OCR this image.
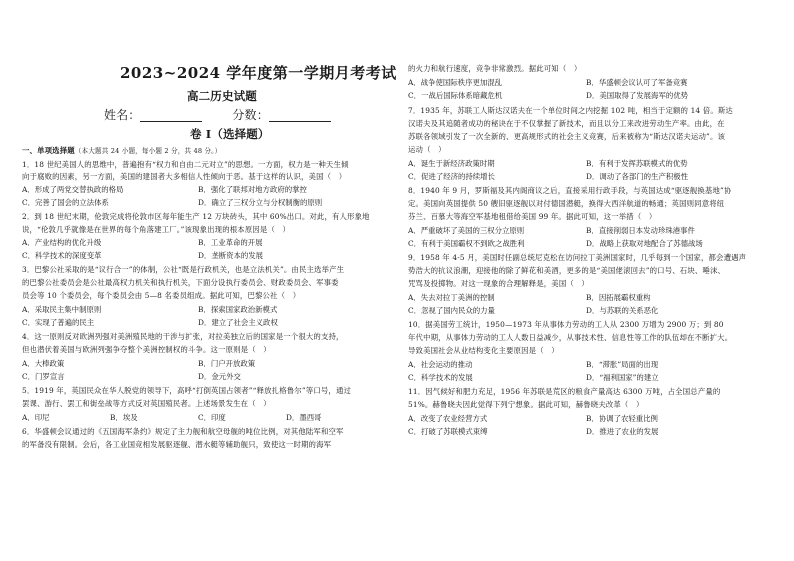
2023~2024 学年度第一学期月考考试
高二历史试题
姓名：	分数：
卷 I（选择题）
一、单项选择题（本大题共 24 小题，每小题 2 分，共 48 分。）
1．18 世纪美国人的思维中，普遍抱有“权力和自由二元对立”的思想。一方面，权力是一种天生倾
向于腐败的因素，另一方面，美国的建国者大多相信人性倾向于恶。基于这样的认识，美国（　）
A．形成了两党交替执政的格局	B．强化了联邦对地方政府的掌控
C．完善了国会的立法体系	D．确立了三权分立与分权制衡的原则
2．到 18 世纪末期，伦敦完成将伦敦市区每年能生产 12 万块砖头，其中 60%出口。对此，有人形象地
说，“伦敦几乎就像是在世界的每个角落建工厂。”该现象出现的根本原因是（　）
A．产业结构的优化升级	B．工业革命的开展
C．科学技术的深度变革	D．垄断资本的发展
3．巴黎公社采取的是“议行合一”的体制，公社“既是行政机关，也是立法机关”。由民主选举产生
的巴黎公社委员会是公社最高权力机关和执行机关，下面分设执行委员会、财政委员会、军事委
员会等 10 个委员会，每个委员会由 5—8 名委员组成。据此可知，巴黎公社（　）
A．采取民主集中制原则	B．探索国家政治新模式
C．实现了普遍的民主	D．建立了社会主义政权
4．这一原则反对欧洲列强对美洲殖民地的干涉与扩张，对拉美独立后的国家是一个很大的支持，
但也潜伏着美国与欧洲列强争夺整个美洲控制权的斗争。这一原则是（　）
A．大棒政策	B．门户开放政策
C．门罗宣言	D．金元外交
5．1919 年，英国民众在华人脱党的领导下，高呼“打倒英国占领者”“释放扎格鲁尔”等口号，通过
罢课、游行、罢工和街垒战等方式反对英国殖民者。上述场景发生在（　）
A．印尼	B．埃及	C．印度	D．墨西哥
6．华盛顿会议通过的《五国海军条约》规定了主力舰和航空母舰的吨位比例，对其他陆军和空军
的军备没有限制。会后，各工业国竞相发展驱逐舰、潜水艇等辅助舰只，致使这一时期的海军
的火力和航行速度，竞争非常激烈。据此可知（　）
A．战争使国际秩序更加混乱	B．华盛顿会议认可了军备竞赛
C．一战后国际体系暗藏危机	D．美国取得了发展海军的优势
7．1935 年，苏联工人斯达汉诺夫在一个单位时间之内挖掘 102 吨，相当于定额的 14 倍。斯达
汉诺夫及其追随者成功的秘诀在于不仅掌握了新技术，而且以分工来改进劳动生产率。由此，在
苏联各领域引发了一次全新的、更高规形式的社会主义竞赛，后来被称为“斯达汉诺夫运动”。该
运动（　）
A．诞生于新经济政策时期	B．有利于发挥苏联模式的优势
C．促进了经济的持续增长	D．调动了各部门的生产积极性
8．1940 年 9 月，罗斯福及其内阁商议之后，直接采用行政手段，与英国达成“驱逐舰换基地”协
定。美国向英国提供 50 艘旧驱逐舰以对付德国潜艇，换得大西洋航道的畅通；英国则同意将纽
芬兰、百慕大等海空军基地租借给美国 99 年。据此可知，这一举措（　）
A．严重破坏了美国的三权分立原则	B．直接削弱日本发动珍珠港事件
C．有利于美国霸权不到欧之战胜利	D．战略上获取对地配合了苏德战场
9．1958 年 4-5 月，美国时任副总统尼克松在访问拉丁美洲国家时，几乎每到一个国家，都会遭遇声
势浩大的抗议浪潮，迎接他的除了鲜花和美酒，更多的是“美国佬滚回去”的口号、石块、唾沫、
咒骂及投掷物。对这一现象的合理解释是，美国（　）
A．失去对拉丁美洲的控制	B．因拓展霸权重构
C．忽视了国内民众的力量	D．与苏联的关系恶化
10．据美国劳工统计，1950—1973 年从事体力劳动的工人从 2300 万增为 2900 万；到 80
年代中期，从事体力劳动的工人人数日益减少，从事技术性、信息性等工作的队伍却在不断扩大。
导致美国社会从业结构变化主要原因是（　）
A．社会运动的推动	B．“滞胀”局面的出现
C．科学技术的发展	D．“福利国家”的建立
11．因气候好和肥力充足，1956 年苏联是荒区的粮食产量高达 6300 万吨，占全国总产量的
51%。赫鲁晓夫因此觉得下列宁想象。据此可知，赫鲁晓夫改革（　）
A．改变了农业经营方式	B．协调了农轻重比例
C．打破了苏联模式束缚	D．推进了农业的发展
